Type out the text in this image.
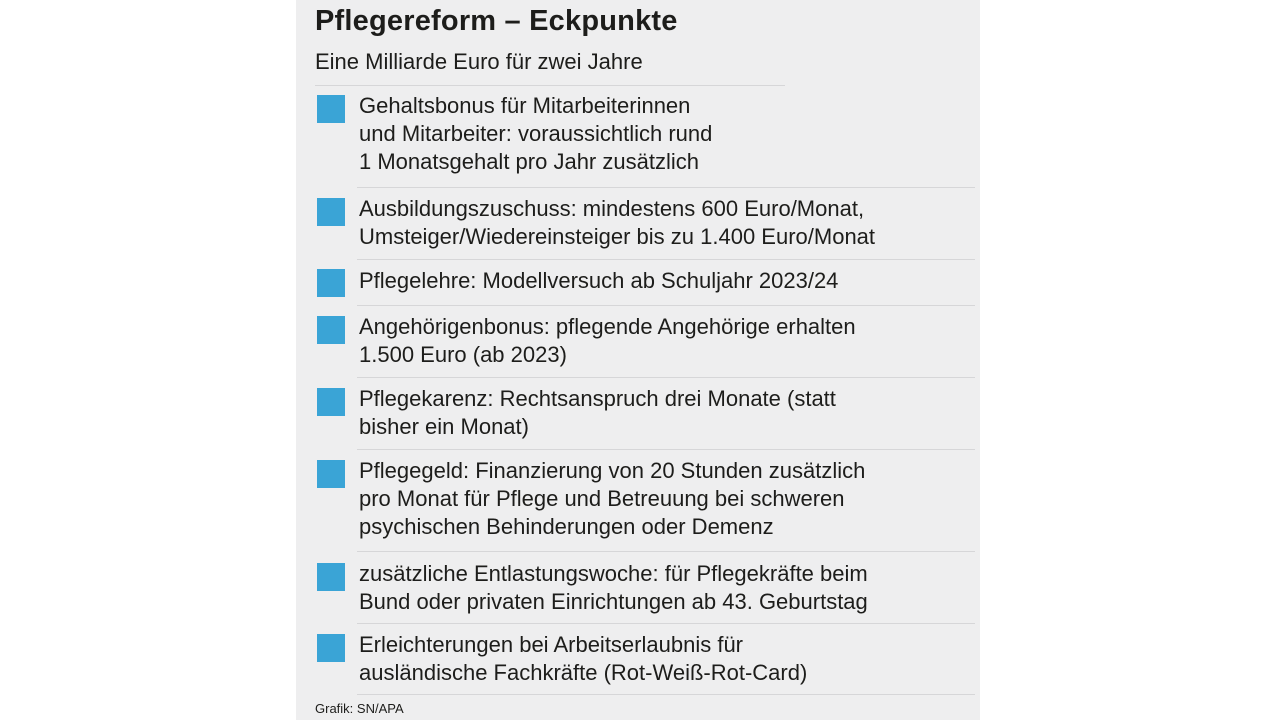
Pflegereform – Eckpunkte
Eine Milliarde Euro für zwei Jahre
Gehaltsbonus für Mitarbeiterinnen
und Mitarbeiter: voraussichtlich rund
1 Monatsgehalt pro Jahr zusätzlich
Ausbildungszuschuss: mindestens 600 Euro/Monat,
Umsteiger/Wiedereinsteiger bis zu 1.400 Euro/Monat
Pflegelehre: Modellversuch ab Schuljahr 2023/24
Angehörigenbonus: pflegende Angehörige erhalten
1.500 Euro (ab 2023)
Pflegekarenz: Rechtsanspruch drei Monate (statt
bisher ein Monat)
Pflegegeld: Finanzierung von 20 Stunden zusätzlich
pro Monat für Pflege und Betreuung bei schweren
psychischen Behinderungen oder Demenz
zusätzliche Entlastungswoche: für Pflegekräfte beim
Bund oder privaten Einrichtungen ab 43. Geburtstag
Erleichterungen bei Arbeitserlaubnis für
ausländische Fachkräfte (Rot-Weiß-Rot-Card)
Grafik: SN/APA
